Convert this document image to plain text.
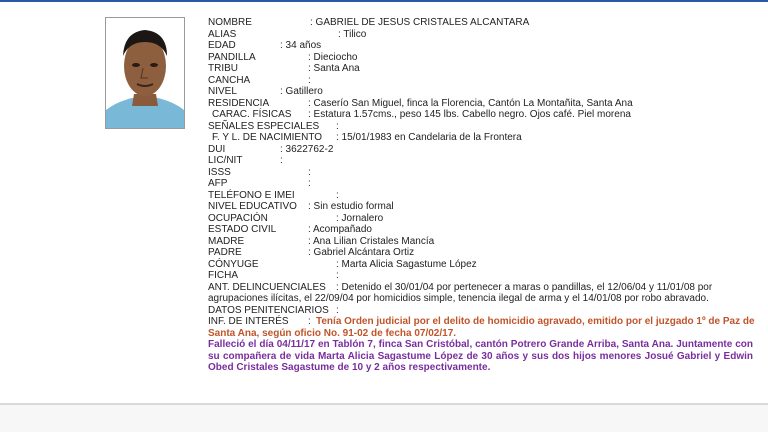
NOMBRE	: GABRIEL DE JESUS CRISTALES ALCANTARA
ALIAS	: Tilico
EDAD	: 34 años
PANDILLA	: Dieciocho
TRIBU	: Santa Ana
CANCHA	:
NIVEL	: Gatillero
RESIDENCIA	: Caserío San Miguel, finca la Florencia, Cantón La Montañita, Santa Ana
CARAC. FÍSICAS : Estatura 1.57cms., peso 145 lbs. Cabello negro. Ojos café. Piel morena
SEÑALES ESPECIALES :
F. Y L. DE NACIMIENTO : 15/01/1983 en Candelaria de la Frontera
DUI	: 3622762-2
LIC/NIT	:
ISSS	:
AFP	:
TELÉFONO E IMEI	:
NIVEL EDUCATIVO : Sin estudio formal
OCUPACIÓN	: Jornalero
ESTADO CIVIL	: Acompañado
MADRE	: Ana Lilian Cristales Mancía
PADRE	: Gabriel Alcántara Ortiz
CÓNYUGE	: Marta Alicia Sagastume López
FICHA	:
ANT. DELINCUENCIALES : Detenido el 30/01/04 por pertenecer a maras o pandillas, el 12/06/04 y 11/01/08 por
agrupaciones ilícitas, el 22/09/04 por homicidios simple, tenencia ilegal de arma y el 14/01/08 por robo abravado.
DATOS PENITENCIARIOS :
INF. DE INTERÉS : Tenía Orden judicial por el delito de homicidio agravado, emitido por el juzgado 1º de Paz de
Santa Ana, según oficio No. 91-02 de fecha 07/02/17.
Falleció el día 04/11/17 en Tablón 7, finca San Cristóbal, cantón Potrero Grande Arriba, Santa Ana. Juntamente con su compañera de vida Marta Alicia Sagastume López de 30 años y sus dos hijos menores Josué Gabriel y Edwin Obed Cristales Sagastume de 10 y 2 años respectivamente.
